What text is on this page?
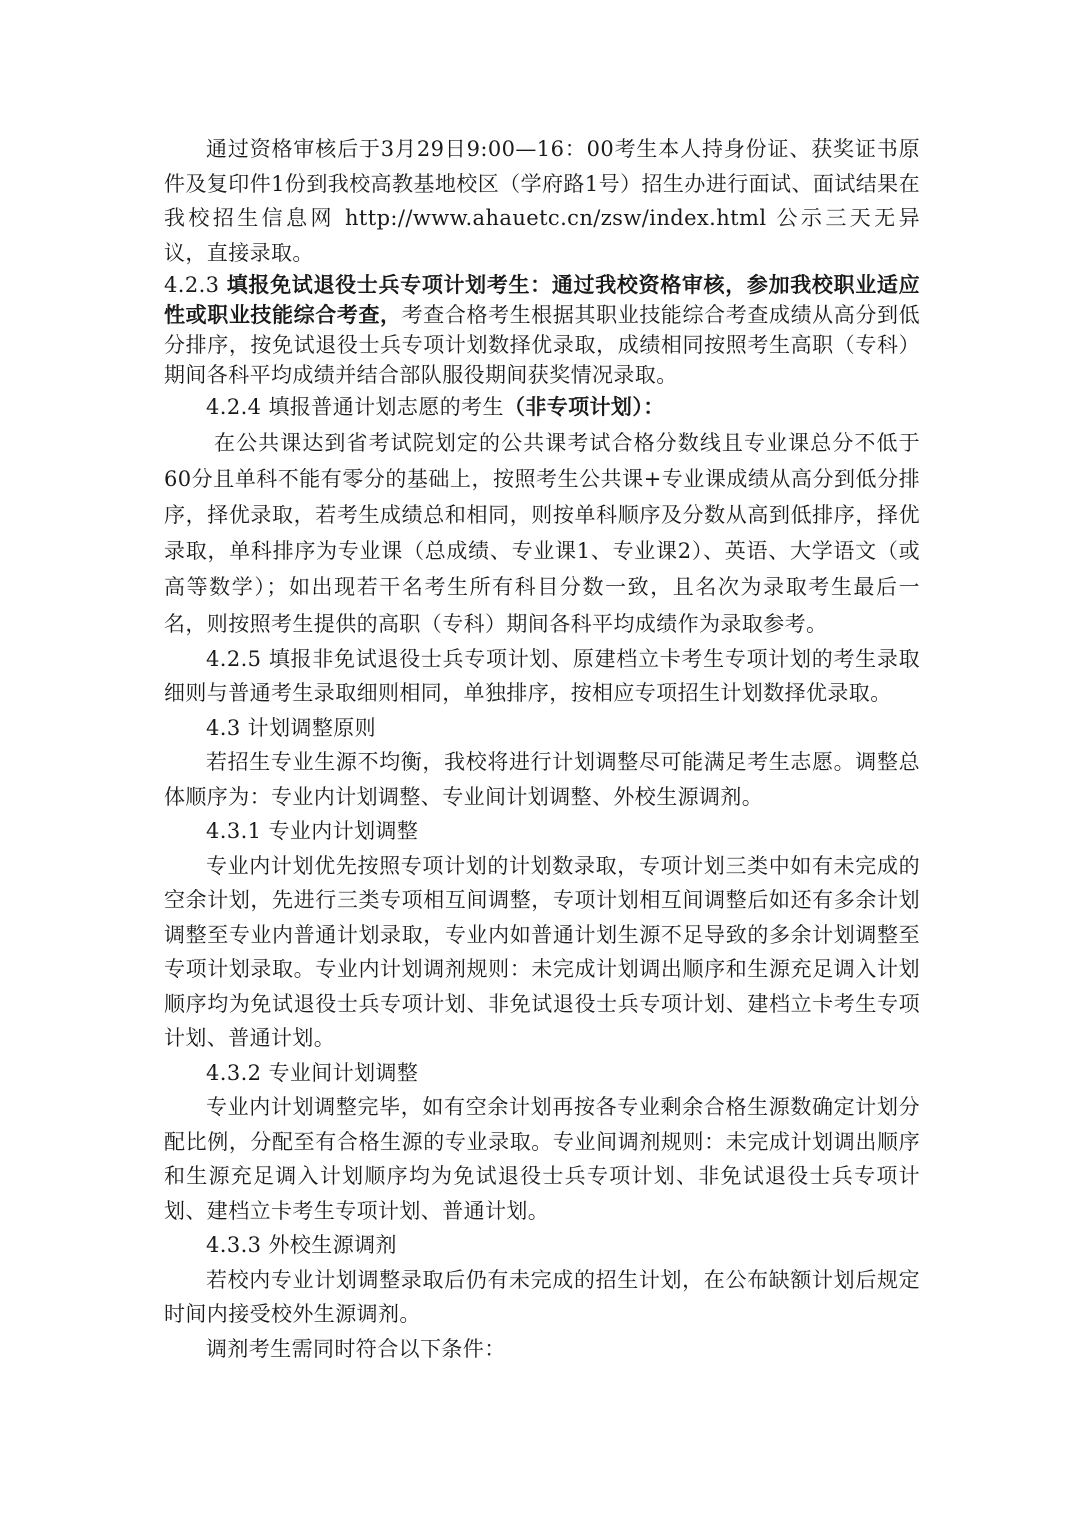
通过资格审核后于3月29日9:00—16：00考生本人持身份证、获奖证书原件及复印件1份到我校高教基地校区（学府路1号）招生办进行面试、面试结果在我校招生信息网 http://www.ahauetc.cn/zsw/index.html 公示三天无异议，直接录取。

4.2.3 填报免试退役士兵专项计划考生：通过我校资格审核，参加我校职业适应性或职业技能综合考查，考查合格考生根据其职业技能综合考查成绩从高分到低分排序，按免试退役士兵专项计划数择优录取，成绩相同按照考生高职（专科）期间各科平均成绩并结合部队服役期间获奖情况录取。

4.2.4 填报普通计划志愿的考生（非专项计划）：

在公共课达到省考试院划定的公共课考试合格分数线且专业课总分不低于60分且单科不能有零分的基础上，按照考生公共课+专业课成绩从高分到低分排序，择优录取，若考生成绩总和相同，则按单科顺序及分数从高到低排序，择优录取，单科排序为专业课（总成绩、专业课1、专业课2）、英语、大学语文（或高等数学）；如出现若干名考生所有科目分数一致，且名次为录取考生最后一名，则按照考生提供的高职（专科）期间各科平均成绩作为录取参考。

4.2.5 填报非免试退役士兵专项计划、原建档立卡考生专项计划的考生录取细则与普通考生录取细则相同，单独排序，按相应专项招生计划数择优录取。

4.3 计划调整原则

若招生专业生源不均衡，我校将进行计划调整尽可能满足考生志愿。调整总体顺序为：专业内计划调整、专业间计划调整、外校生源调剂。

4.3.1 专业内计划调整

专业内计划优先按照专项计划的计划数录取，专项计划三类中如有未完成的空余计划，先进行三类专项相互间调整，专项计划相互间调整后如还有多余计划调整至专业内普通计划录取，专业内如普通计划生源不足导致的多余计划调整至专项计划录取。专业内计划调剂规则：未完成计划调出顺序和生源充足调入计划顺序均为免试退役士兵专项计划、非免试退役士兵专项计划、建档立卡考生专项计划、普通计划。

4.3.2 专业间计划调整

专业内计划调整完毕，如有空余计划再按各专业剩余合格生源数确定计划分配比例，分配至有合格生源的专业录取。专业间调剂规则：未完成计划调出顺序和生源充足调入计划顺序均为免试退役士兵专项计划、非免试退役士兵专项计划、建档立卡考生专项计划、普通计划。

4.3.3 外校生源调剂

若校内专业计划调整录取后仍有未完成的招生计划，在公布缺额计划后规定时间内接受校外生源调剂。

调剂考生需同时符合以下条件：
